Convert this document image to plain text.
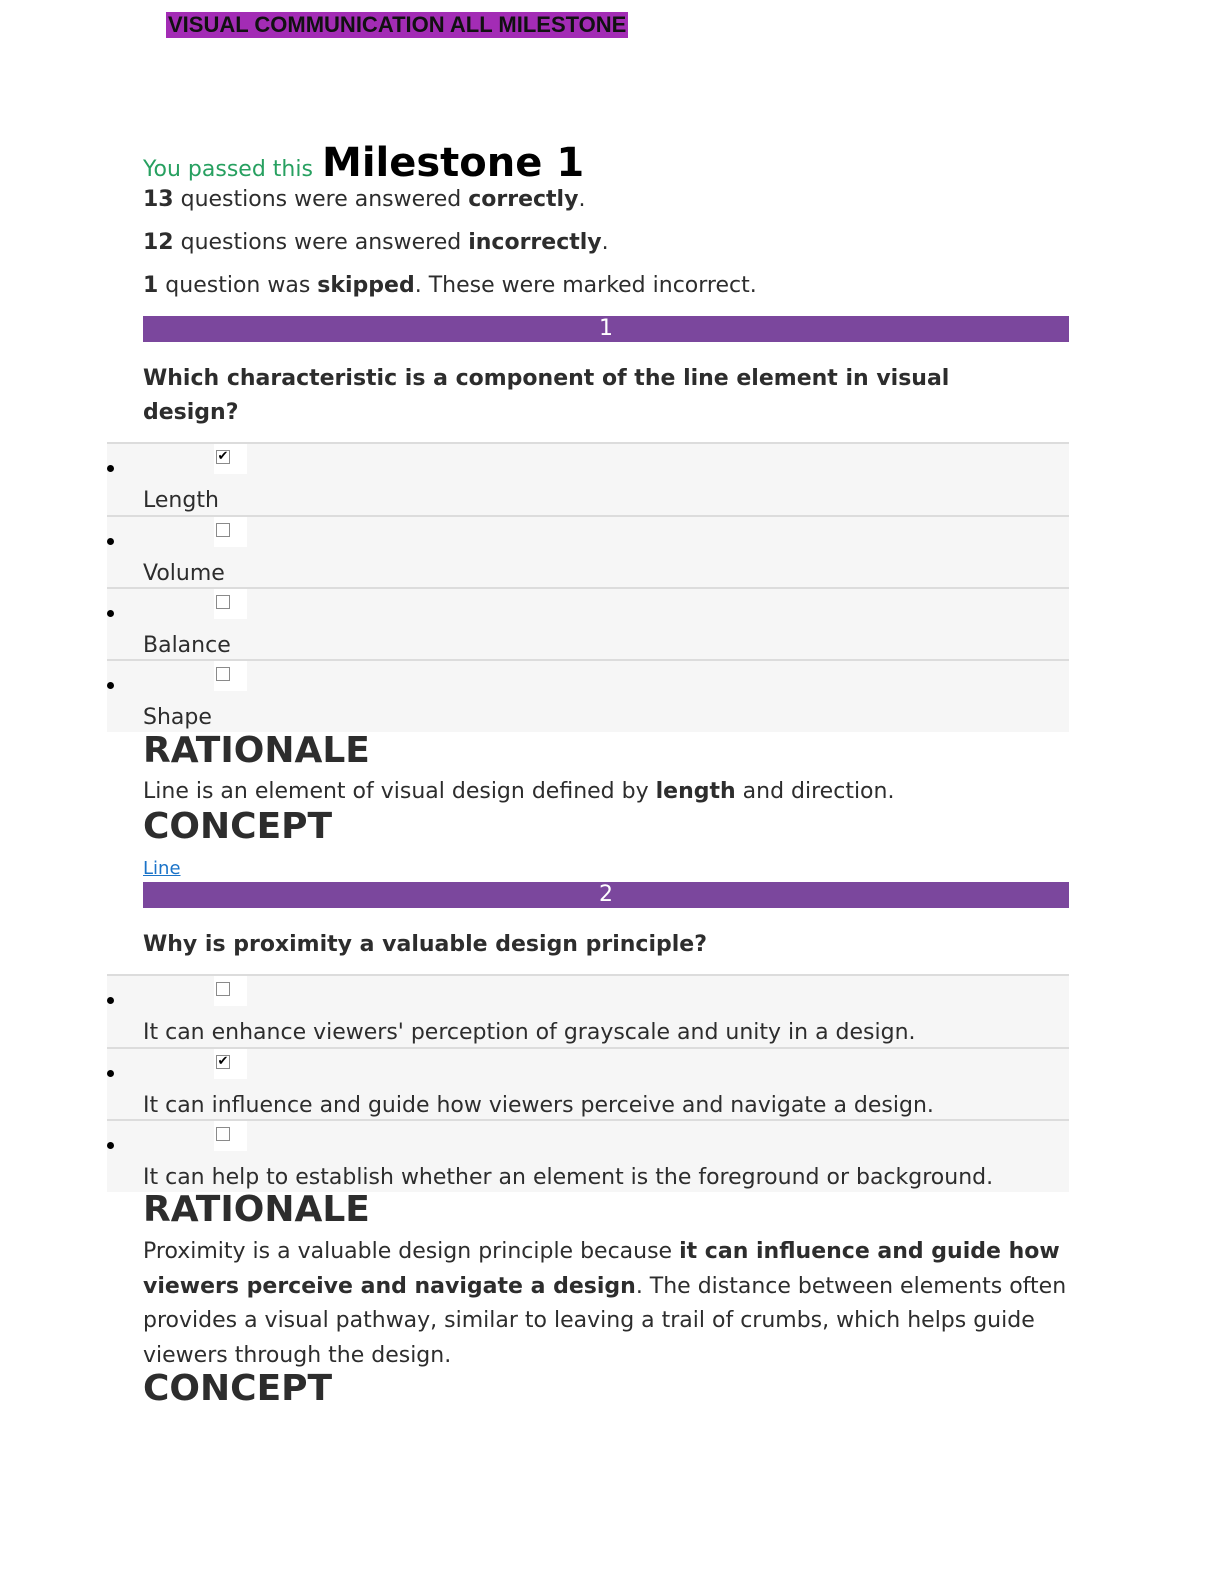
VISUAL COMMUNICATION ALL MILESTONE
You passed this Milestone 1
13 questions were answered correctly.
12 questions were answered incorrectly.
1 question was skipped. These were marked incorrect.
1
Which characteristic is a component of the line element in visual design?
✔
Length
Volume
Balance
Shape
RATIONALE
Line is an element of visual design defined by length and direction.
CONCEPT
Line
2
Why is proximity a valuable design principle?
It can enhance viewers' perception of grayscale and unity in a design.
✔
It can influence and guide how viewers perceive and navigate a design.
It can help to establish whether an element is the foreground or background.
RATIONALE
Proximity is a valuable design principle because it can influence and guide how viewers perceive and navigate a design. The distance between elements often provides a visual pathway, similar to leaving a trail of crumbs, which helps guide viewers through the design.
CONCEPT
